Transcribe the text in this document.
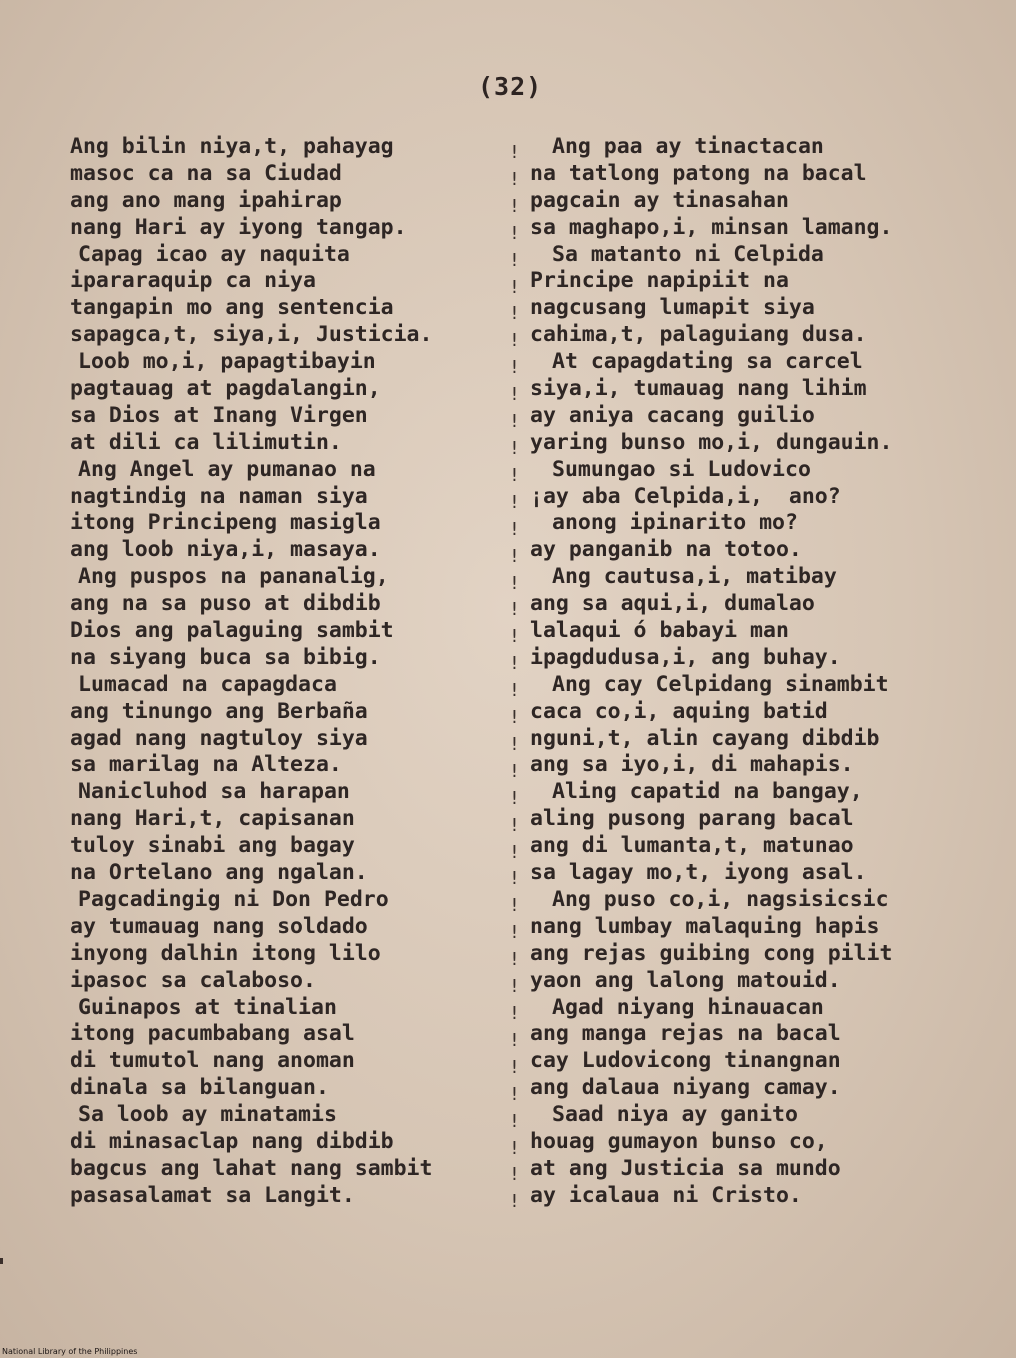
(32)
Ang bilin niya,t, pahayag
masoc ca na sa Ciudad
ang ano mang ipahirap
nang Hari ay iyong tangap.
Capag icao ay naquita
ipararaquip ca niya
tangapin mo ang sentencia
sapagca,t, siya,i, Justicia.
Loob mo,i, papagtibayin
pagtauag at pagdalangin,
sa Dios at Inang Virgen
at dili ca lilimutin.
Ang Angel ay pumanao na
nagtindig na naman siya
itong Principeng masigla
ang loob niya,i, masaya.
Ang puspos na pananalig,
ang na sa puso at dibdib
Dios ang palaguing sambit
na siyang buca sa bibig.
Lumacad na capagdaca
ang tinungo ang Berbaña
agad nang nagtuloy siya
sa marilag na Alteza.
Nanicluhod sa harapan
nang Hari,t, capisanan
tuloy sinabi ang bagay
na Ortelano ang ngalan.
Pagcadingig ni Don Pedro
ay tumauag nang soldado
inyong dalhin itong lilo
ipasoc sa calaboso.
Guinapos at tinalian
itong pacumbabang asal
di tumutol nang anoman
dinala sa bilanguan.
Sa loob ay minatamis
di minasaclap nang dibdib
bagcus ang lahat nang sambit
pasasalamat sa Langit.
!
!
!
!
!
!
!
!
!
!
!
!
!
!
!
!
!
!
!
!
!
!
!
!
!
!
!
!
!
!
!
!
!
!
!
!
!
!
!
!
Ang paa ay tinactacan
na tatlong patong na bacal
pagcain ay tinasahan
sa maghapo,i, minsan lamang.
Sa matanto ni Celpida
Principe napipiit na
nagcusang lumapit siya
cahima,t, palaguiang dusa.
At capagdating sa carcel
siya,i, tumauag nang lihim
ay aniya cacang guilio
yaring bunso mo,i, dungauin.
Sumungao si Ludovico
¡ay aba Celpida,i,  ano?
anong ipinarito mo?
ay panganib na totoo.
Ang cautusa,i, matibay
ang sa aqui,i, dumalao
lalaqui ó babayi man
ipagdudusa,i, ang buhay.
Ang cay Celpidang sinambit
caca co,i, aquing batid
nguni,t, alin cayang dibdib
ang sa iyo,i, di mahapis.
Aling capatid na bangay,
aling pusong parang bacal
ang di lumanta,t, matunao
sa lagay mo,t, iyong asal.
Ang puso co,i, nagsisicsic
nang lumbay malaquing hapis
ang rejas guibing cong pilit
yaon ang lalong matouid.
Agad niyang hinauacan
ang manga rejas na bacal
cay Ludovicong tinangnan
ang dalaua niyang camay.
Saad niya ay ganito
houag gumayon bunso co,
at ang Justicia sa mundo
ay icalaua ni Cristo.
National Library of the Philippines
